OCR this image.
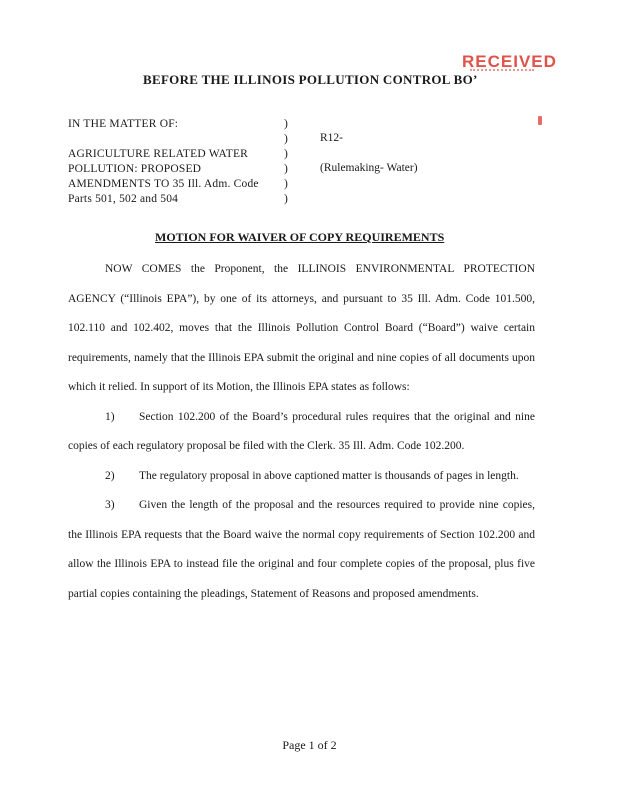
RECEIVED
BEFORE THE ILLINOIS POLLUTION CONTROL BO’
IN THE MATTER OF:
AGRICULTURE RELATED WATER
POLLUTION: PROPOSED
AMENDMENTS TO 35 Ill. Adm. Code
Parts 501, 502 and 504
)
)
)
)
)
)
R12-
(Rulemaking- Water)
MOTION FOR WAIVER OF COPY REQUIREMENTS

NOW COMES the Proponent, the ILLINOIS ENVIRONMENTAL PROTECTION AGENCY (“Illinois EPA”), by one of its attorneys, and pursuant to 35 Ill. Adm. Code 101.500, 102.110 and 102.402, moves that the Illinois Pollution Control Board (“Board”) waive certain requirements, namely that the Illinois EPA submit the original and nine copies of all documents upon which it relied. In support of its Motion, the Illinois EPA states as follows:

1) Section 102.200 of the Board’s procedural rules requires that the original and nine copies of each regulatory proposal be filed with the Clerk. 35 Ill. Adm. Code 102.200.

2) The regulatory proposal in above captioned matter is thousands of pages in length.

3) Given the length of the proposal and the resources required to provide nine copies, the Illinois EPA requests that the Board waive the normal copy requirements of Section 102.200 and allow the Illinois EPA to instead file the original and four complete copies of the proposal, plus five partial copies containing the pleadings, Statement of Reasons and proposed amendments.

Page 1 of 2
